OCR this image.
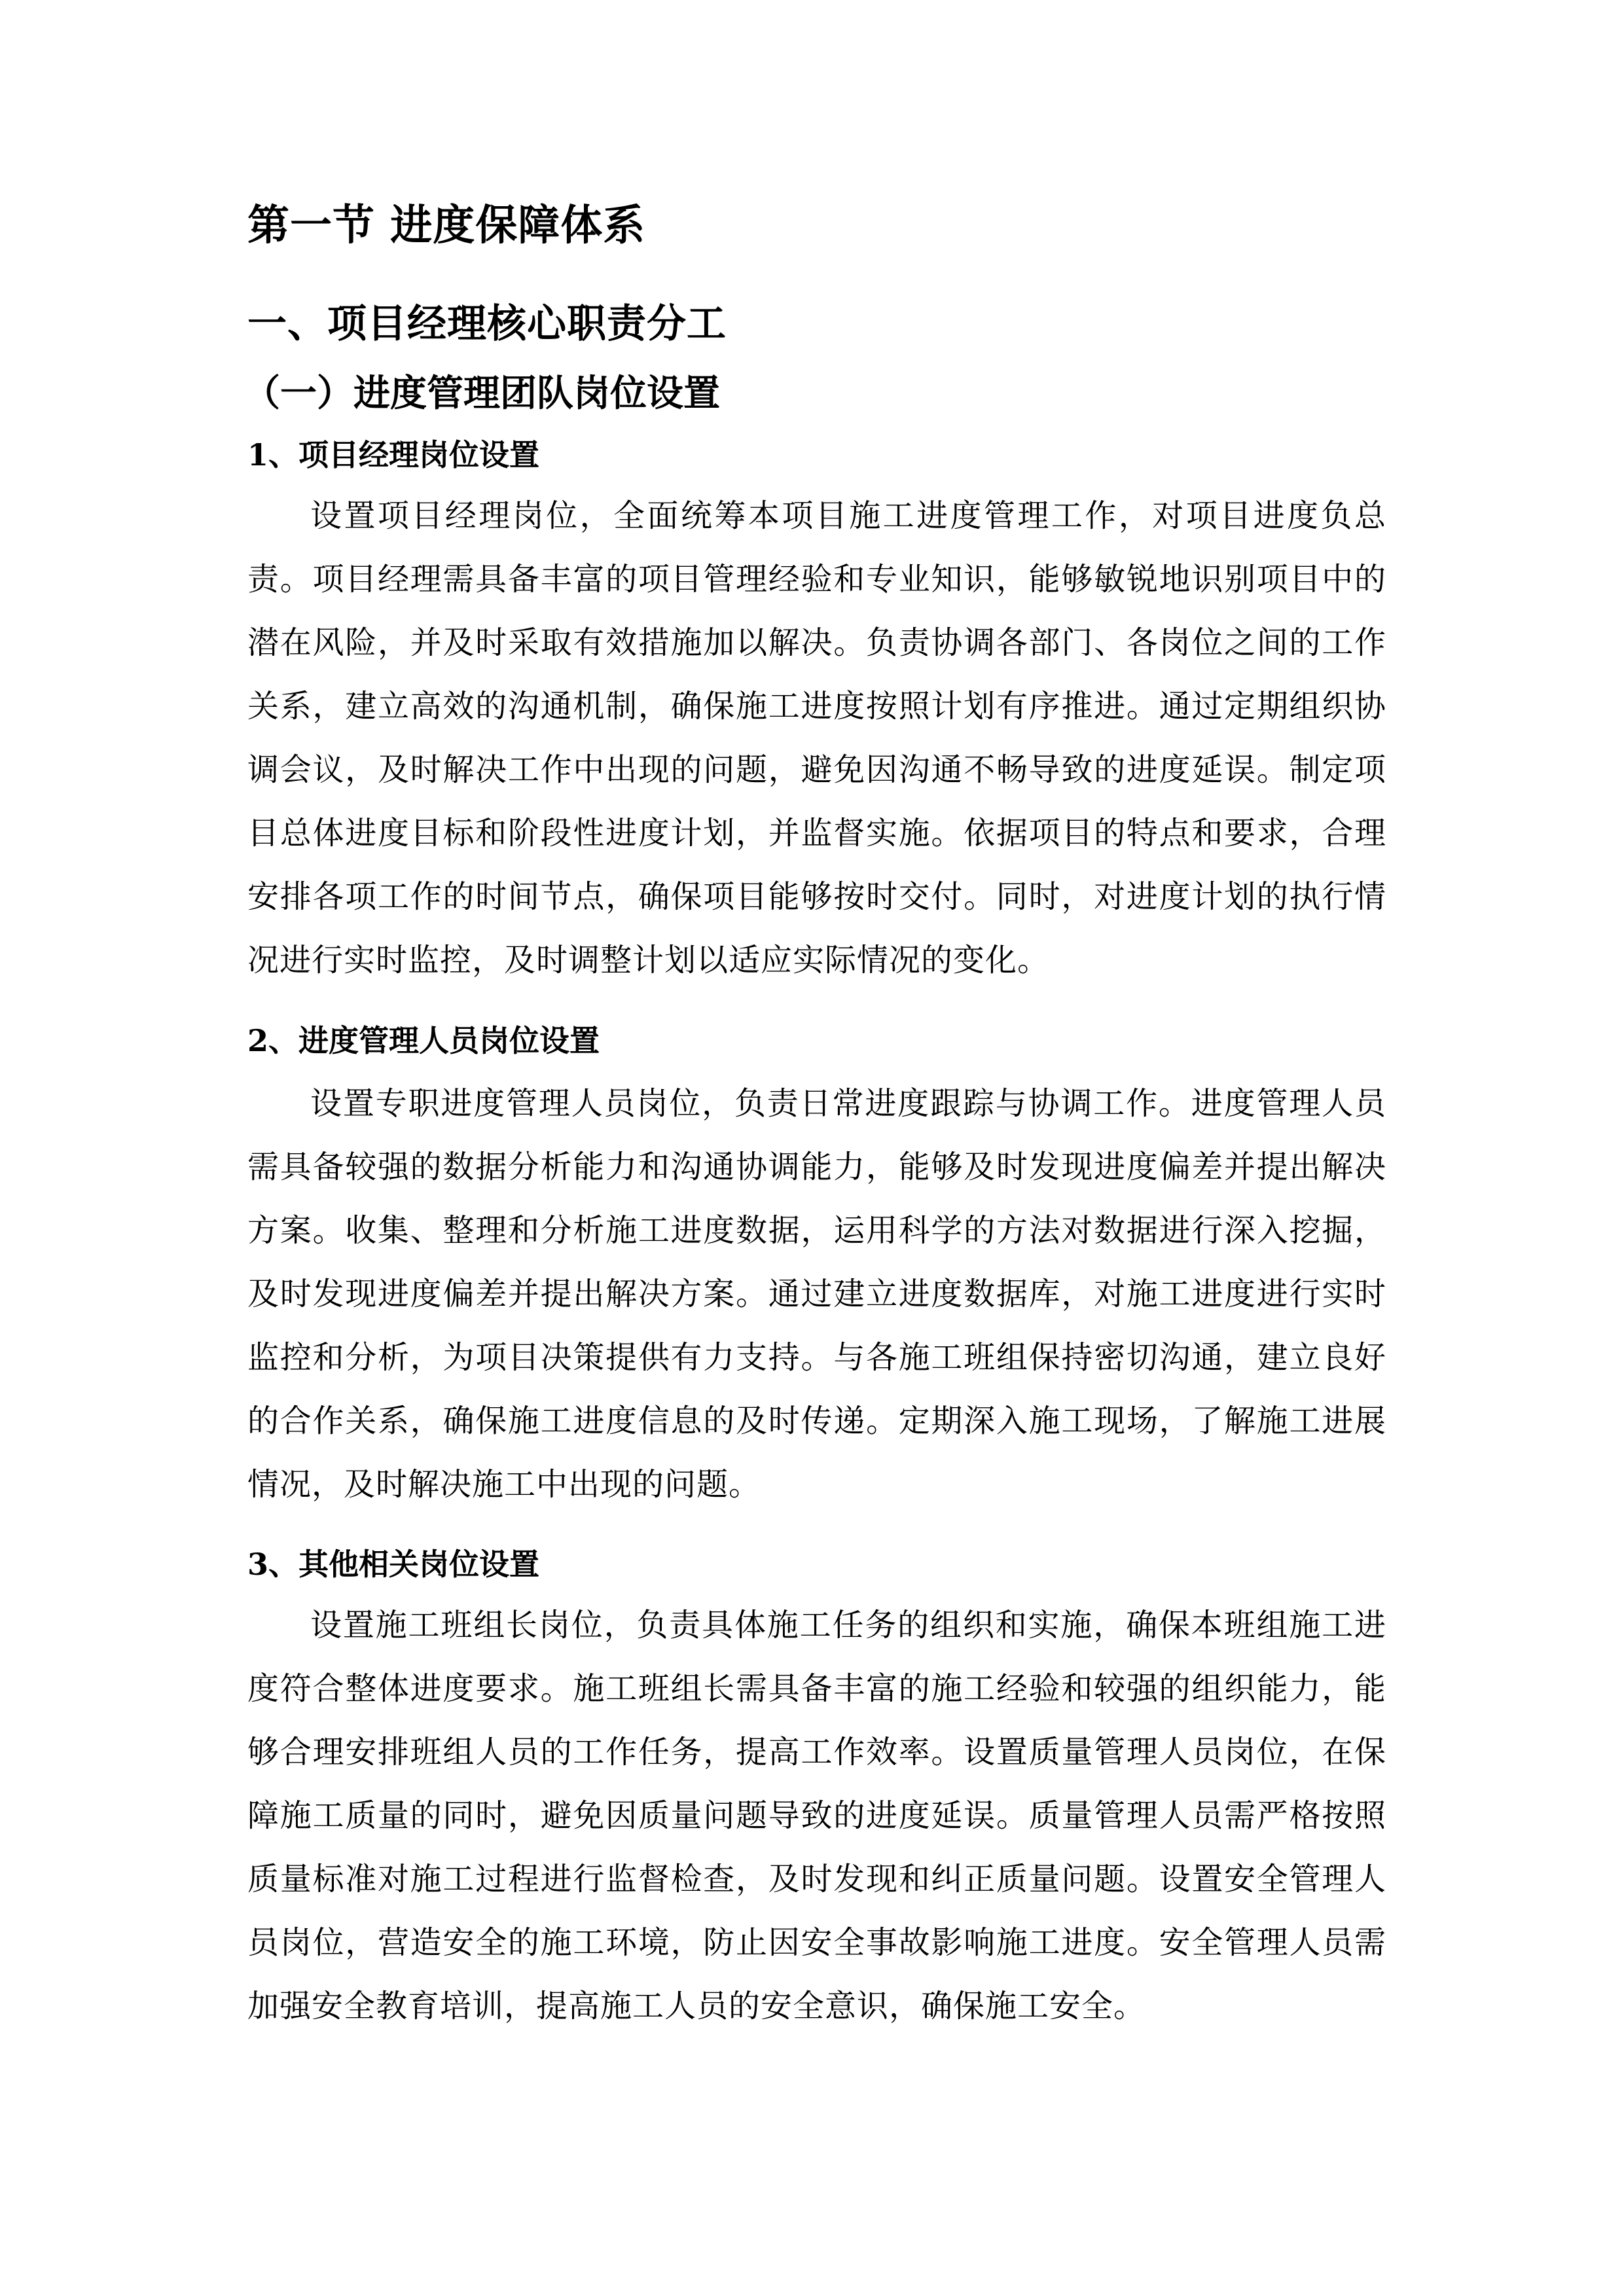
第一节 进度保障体系
一、项目经理核心职责分工
（一）进度管理团队岗位设置
1、项目经理岗位设置

设置项目经理岗位，全面统筹本项目施工进度管理工作，对项目进度负总责。项目经理需具备丰富的项目管理经验和专业知识，能够敏锐地识别项目中的潜在风险，并及时采取有效措施加以解决。负责协调各部门、各岗位之间的工作关系，建立高效的沟通机制，确保施工进度按照计划有序推进。通过定期组织协调会议，及时解决工作中出现的问题，避免因沟通不畅导致的进度延误。制定项目总体进度目标和阶段性进度计划，并监督实施。依据项目的特点和要求，合理安排各项工作的时间节点，确保项目能够按时交付。同时，对进度计划的执行情况进行实时监控，及时调整计划以适应实际情况的变化。

2、进度管理人员岗位设置

设置专职进度管理人员岗位，负责日常进度跟踪与协调工作。进度管理人员需具备较强的数据分析能力和沟通协调能力，能够及时发现进度偏差并提出解决方案。收集、整理和分析施工进度数据，运用科学的方法对数据进行深入挖掘，及时发现进度偏差并提出解决方案。通过建立进度数据库，对施工进度进行实时监控和分析，为项目决策提供有力支持。与各施工班组保持密切沟通，建立良好的合作关系，确保施工进度信息的及时传递。定期深入施工现场，了解施工进展情况，及时解决施工中出现的问题。

3、其他相关岗位设置

设置施工班组长岗位，负责具体施工任务的组织和实施，确保本班组施工进度符合整体进度要求。施工班组长需具备丰富的施工经验和较强的组织能力，能够合理安排班组人员的工作任务，提高工作效率。设置质量管理人员岗位，在保障施工质量的同时，避免因质量问题导致的进度延误。质量管理人员需严格按照质量标准对施工过程进行监督检查，及时发现和纠正质量问题。设置安全管理人员岗位，营造安全的施工环境，防止因安全事故影响施工进度。安全管理人员需加强安全教育培训，提高施工人员的安全意识，确保施工安全。
